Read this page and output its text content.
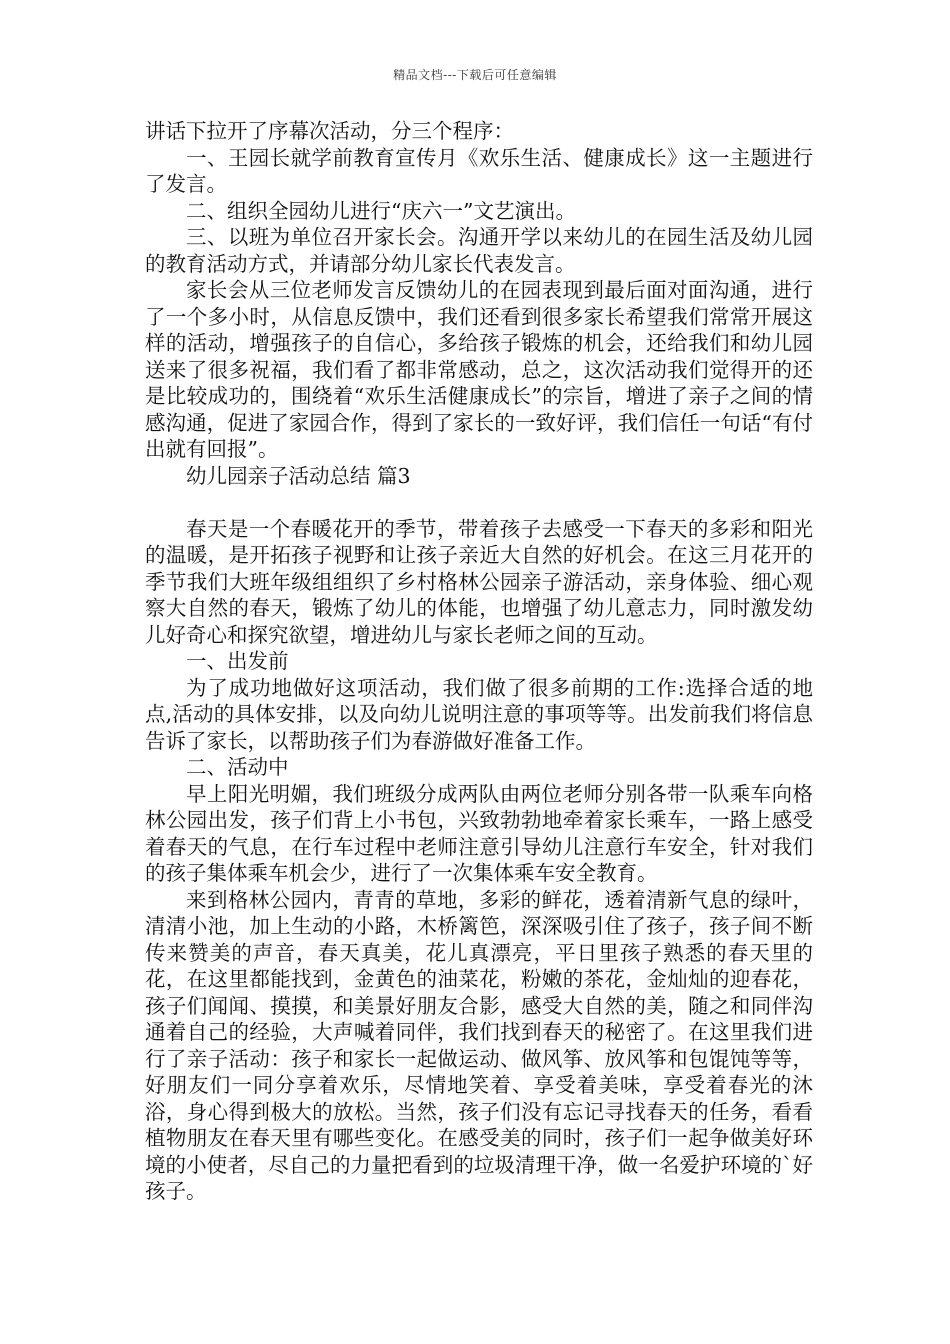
精品文档---下载后可任意编辑

讲话下拉开了序幕次活动，分三个程序：

一、王园长就学前教育宣传月《欢乐生活、健康成长》这一主题进行了发言。

二、组织全园幼儿进行“庆六一”文艺演出。

三、以班为单位召开家长会。沟通开学以来幼儿的在园生活及幼儿园的教育活动方式，并请部分幼儿家长代表发言。

家长会从三位老师发言反馈幼儿的在园表现到最后面对面沟通，进行了一个多小时，从信息反馈中，我们还看到很多家长希望我们常常开展这样的活动，增强孩子的自信心，多给孩子锻炼的机会，还给我们和幼儿园送来了很多祝福，我们看了都非常感动，总之，这次活动我们觉得开的还是比较成功的，围绕着“欢乐生活健康成长”的宗旨，增进了亲子之间的情感沟通，促进了家园合作，得到了家长的一致好评，我们信任一句话“有付出就有回报”。

幼儿园亲子活动总结 篇3

春天是一个春暖花开的季节，带着孩子去感受一下春天的多彩和阳光的温暖，是开拓孩子视野和让孩子亲近大自然的好机会。在这三月花开的季节我们大班年级组组织了乡村格林公园亲子游活动，亲身体验、细心观察大自然的春天，锻炼了幼儿的体能，也增强了幼儿意志力，同时激发幼儿好奇心和探究欲望，增进幼儿与家长老师之间的互动。

一、出发前

为了成功地做好这项活动，我们做了很多前期的工作:选择合适的地点,活动的具体安排，以及向幼儿说明注意的事项等等。出发前我们将信息告诉了家长，以帮助孩子们为春游做好准备工作。

二、活动中

早上阳光明媚，我们班级分成两队由两位老师分别各带一队乘车向格林公园出发，孩子们背上小书包，兴致勃勃地牵着家长乘车，一路上感受着春天的气息，在行车过程中老师注意引导幼儿注意行车安全，针对我们的孩子集体乘车机会少，进行了一次集体乘车安全教育。

来到格林公园内，青青的草地，多彩的鲜花，透着清新气息的绿叶，清清小池，加上生动的小路，木桥篱笆，深深吸引住了孩子，孩子间不断传来赞美的声音，春天真美，花儿真漂亮，平日里孩子熟悉的春天里的花，在这里都能找到，金黄色的油菜花，粉嫩的茶花，金灿灿的迎春花，孩子们闻闻、摸摸，和美景好朋友合影，感受大自然的美，随之和同伴沟通着自己的经验，大声喊着同伴，我们找到春天的秘密了。在这里我们进行了亲子活动：孩子和家长一起做运动、做风筝、放风筝和包馄饨等等，好朋友们一同分享着欢乐，尽情地笑着、享受着美味，享受着春光的沐浴，身心得到极大的放松。当然，孩子们没有忘记寻找春天的任务，看看植物朋友在春天里有哪些变化。在感受美的同时，孩子们一起争做美好环境的小使者，尽自己的力量把看到的垃圾清理干净，做一名爱护环境的`好孩子。
